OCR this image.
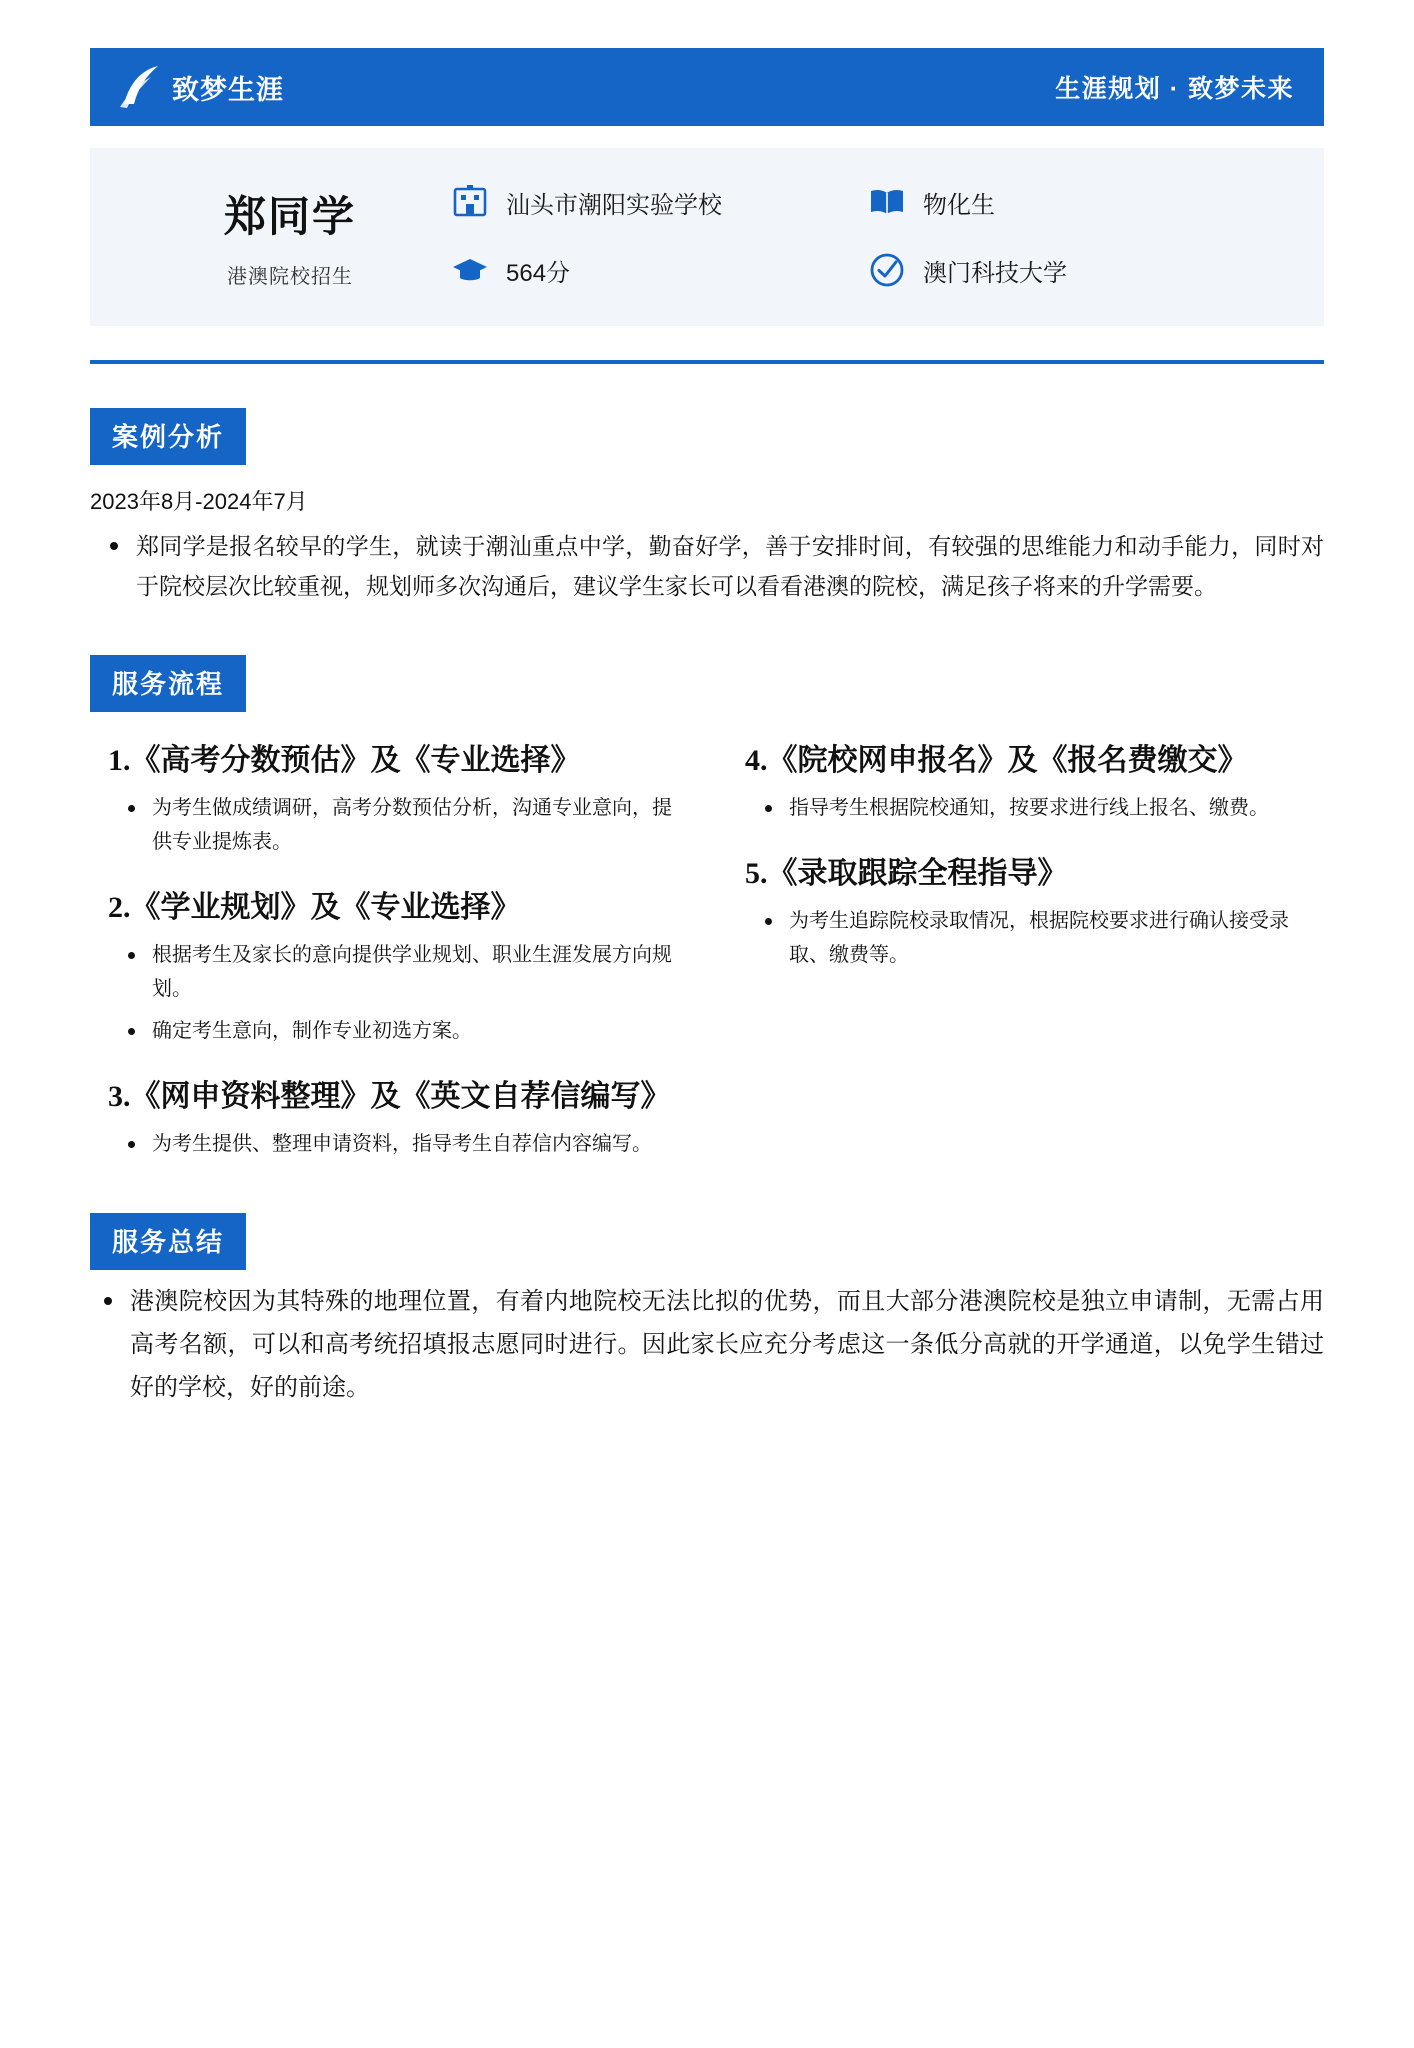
致梦生涯	生涯规划 · 致梦未来
郑同学
港澳院校招生
汕头市潮阳实验学校	物化生
564分	澳门科技大学
案例分析
2023年8月-2024年7月
郑同学是报名较早的学生，就读于潮汕重点中学，勤奋好学，善于安排时间，有较强的思维能力和动手能力，同时对于院校层次比较重视，规划师多次沟通后，建议学生家长可以看看港澳的院校，满足孩子将来的升学需要。
服务流程
1.《高考分数预估》及《专业选择》
为考生做成绩调研，高考分数预估分析，沟通专业意向，提供专业提炼表。
2.《学业规划》及《专业选择》
根据考生及家长的意向提供学业规划、职业生涯发展方向规划。
确定考生意向，制作专业初选方案。
3.《网申资料整理》及《英文自荐信编写》
为考生提供、整理申请资料，指导考生自荐信内容编写。
4.《院校网申报名》及《报名费缴交》
指导考生根据院校通知，按要求进行线上报名、缴费。
5.《录取跟踪全程指导》
为考生追踪院校录取情况，根据院校要求进行确认接受录取、缴费等。
服务总结
港澳院校因为其特殊的地理位置，有着内地院校无法比拟的优势，而且大部分港澳院校是独立申请制，无需占用高考名额，可以和高考统招填报志愿同时进行。因此家长应充分考虑这一条低分高就的开学通道，以免学生错过好的学校，好的前途。
